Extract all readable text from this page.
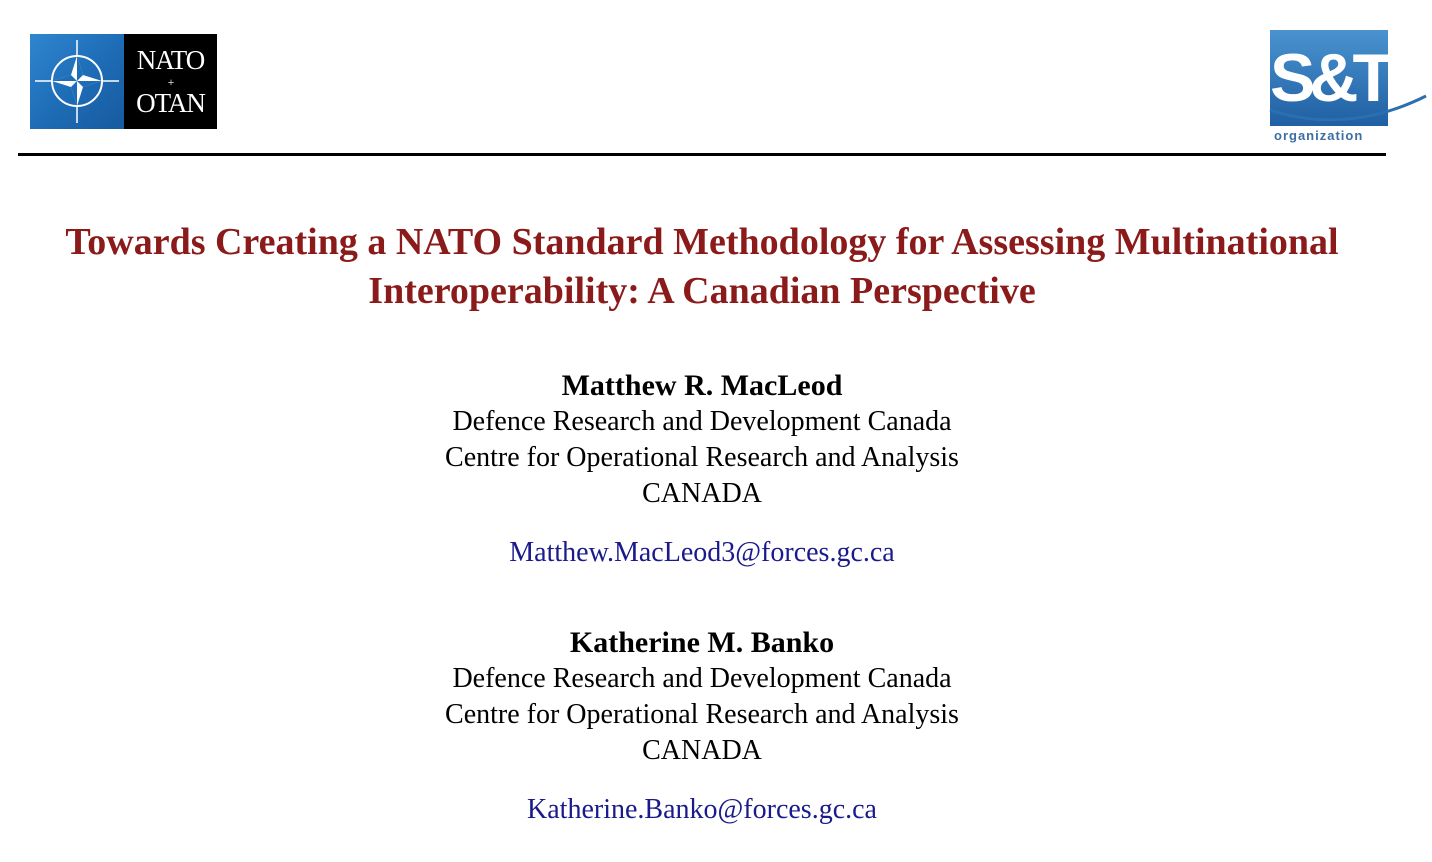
NATO
+
OTAN	S&T
organization
Towards Creating a NATO Standard Methodology for Assessing Multinational Interoperability: A Canadian Perspective
Matthew R. MacLeod
Defence Research and Development Canada
Centre for Operational Research and Analysis
CANADA
Matthew.MacLeod3@forces.gc.ca
Katherine M. Banko
Defence Research and Development Canada
Centre for Operational Research and Analysis
CANADA
Katherine.Banko@forces.gc.ca
